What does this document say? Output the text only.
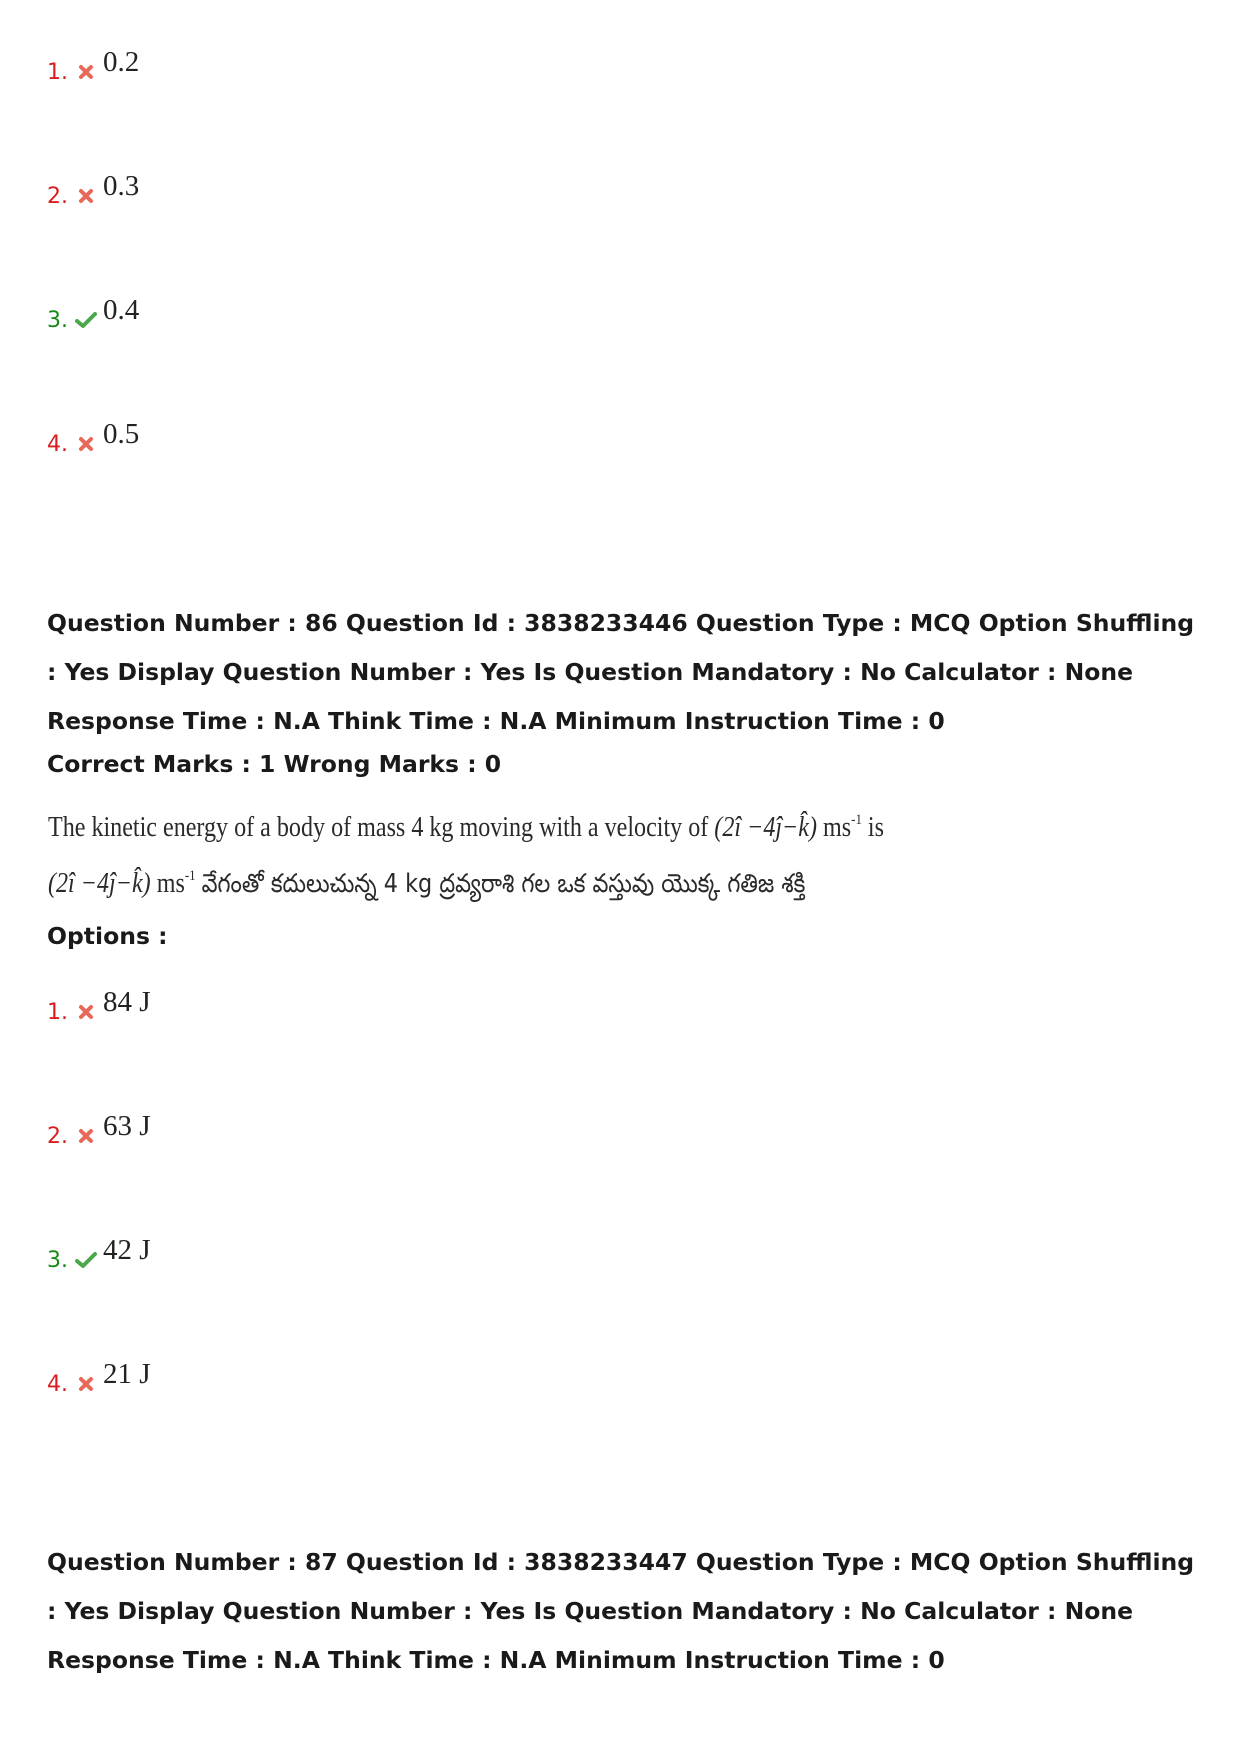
1. 0.2
2. 0.3
3. 0.4
4. 0.5

Question Number : 86 Question Id : 3838233446 Question Type : MCQ Option Shuffling : Yes Display Question Number : Yes Is Question Mandatory : No Calculator : None Response Time : N.A Think Time : N.A Minimum Instruction Time : 0

Correct Marks : 1 Wrong Marks : 0
The kinetic energy of a body of mass 4 kg moving with a velocity of (2î −4ĵ−k̂) $ms^{-1}$ is
(2î −4ĵ−k̂) $ms^{-1}$ వేగంతో కదులుచున్న 4 kg ద్రవ్యరాశి గల ఒక వస్తువు యొక్క గతిజ శక్తి
Options :
1. 84 J
2. 63 J
3. 42 J
4. 21 J

Question Number : 87 Question Id : 3838233447 Question Type : MCQ Option Shuffling : Yes Display Question Number : Yes Is Question Mandatory : No Calculator : None Response Time : N.A Think Time : N.A Minimum Instruction Time : 0
